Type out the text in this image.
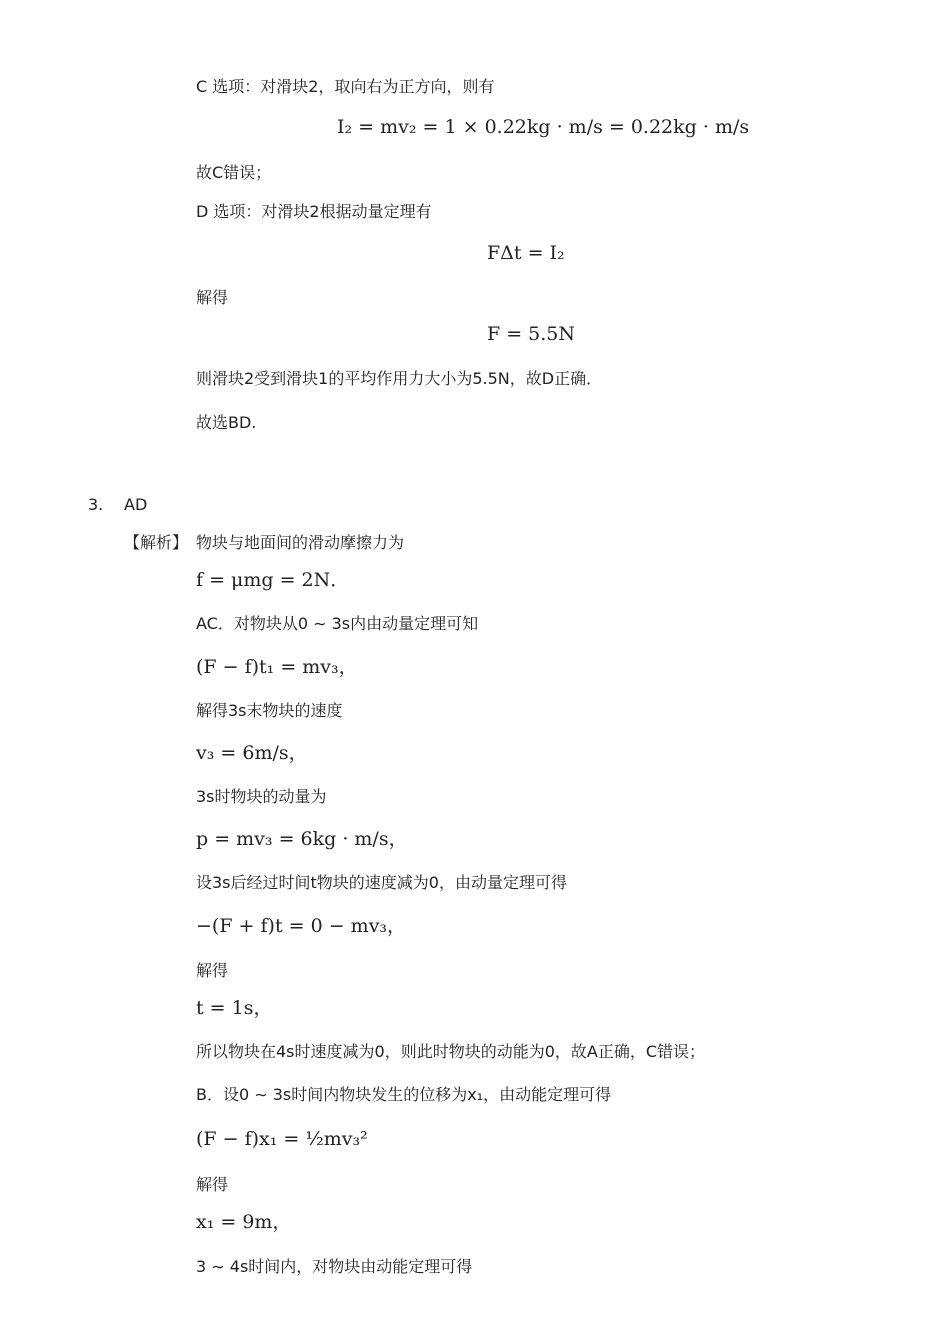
C 选项：对滑块2，取向右为正方向，则有
I₂ = mv₂ = 1 × 0.22kg · m/s = 0.22kg · m/s
故C错误；
D 选项：对滑块2根据动量定理有
FΔt = I₂
解得
F = 5.5N
则滑块2受到滑块1的平均作用力大小为5.5N，故D正确．
故选BD.
3. AD
【解析】 物块与地面间的滑动摩擦力为
f = μmg = 2N．
AC．对物块从0 ∼ 3s内由动量定理可知
(F − f)t₁ = mv₃，
解得3s末物块的速度
v₃ = 6m/s，
3s时物块的动量为
p = mv₃ = 6kg · m/s，
设3s后经过时间t物块的速度减为0，由动量定理可得
−(F + f)t = 0 − mv₃，
解得
t = 1s，
所以物块在4s时速度减为0，则此时物块的动能为0，故A正确，C错误；
B．设0 ∼ 3s时间内物块发生的位移为x₁，由动能定理可得
(F − f)x₁ = ½mv₃²
解得
x₁ = 9m，
3 ∼ 4s时间内，对物块由动能定理可得
